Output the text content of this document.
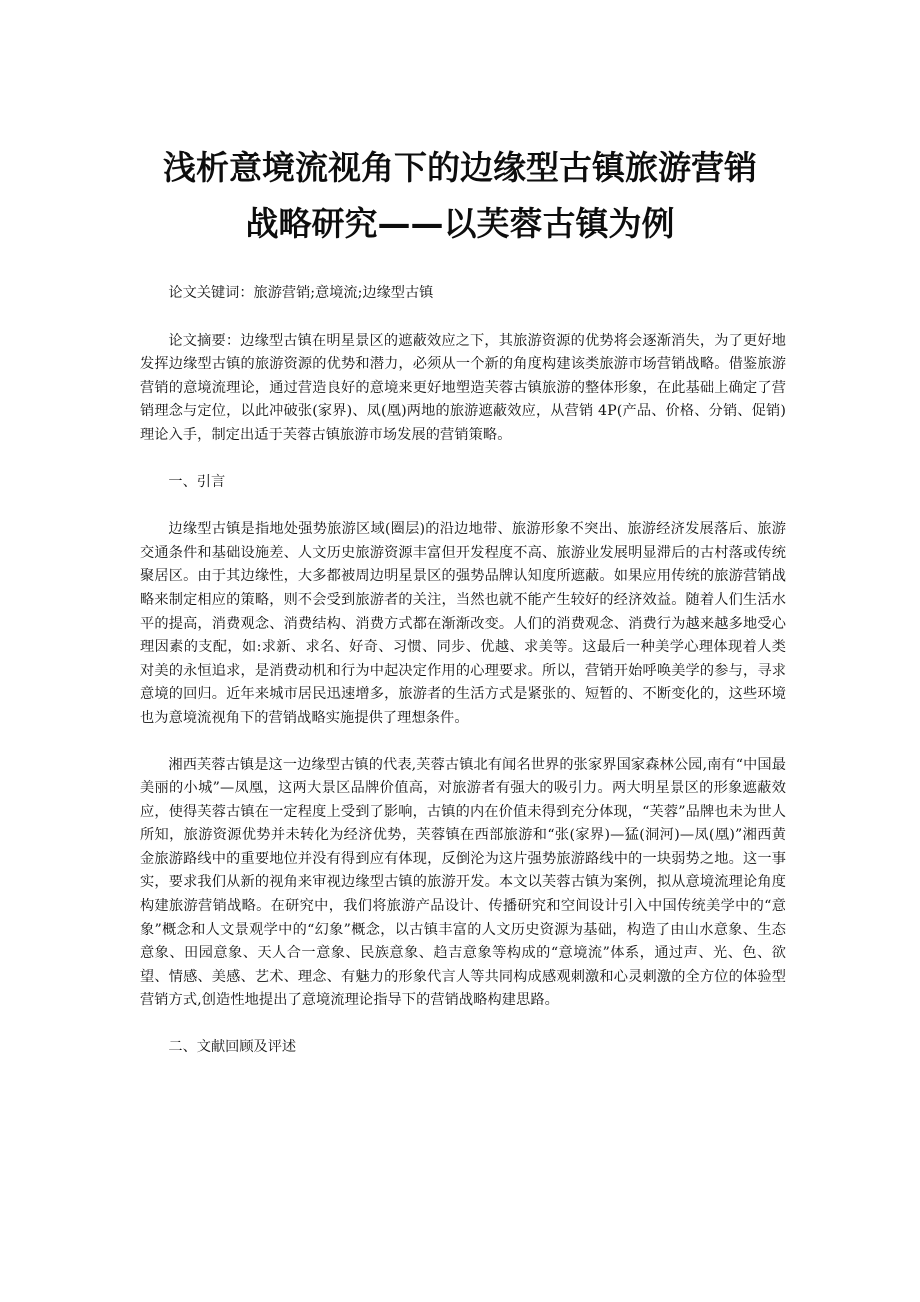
浅析意境流视角下的边缘型古镇旅游营销
战略研究——以芙蓉古镇为例

论文关键词：旅游营销;意境流;边缘型古镇

论文摘要：边缘型古镇在明星景区的遮蔽效应之下，其旅游资源的优势将会逐渐消失，为了更好地发挥边缘型古镇的旅游资源的优势和潜力，必须从一个新的角度构建该类旅游市场营销战略。借鉴旅游营销的意境流理论，通过营造良好的意境来更好地塑造芙蓉古镇旅游的整体形象，在此基础上确定了营销理念与定位，以此冲破张(家界)、凤(凰)两地的旅游遮蔽效应，从营销 4P(产品、价格、分销、促销)理论入手，制定出适于芙蓉古镇旅游市场发展的营销策略。

一、引言

边缘型古镇是指地处强势旅游区域(圈层)的沿边地带、旅游形象不突出、旅游经济发展落后、旅游交通条件和基础设施差、人文历史旅游资源丰富但开发程度不高、旅游业发展明显滞后的古村落或传统聚居区。由于其边缘性，大多都被周边明星景区的强势品牌认知度所遮蔽。如果应用传统的旅游营销战略来制定相应的策略，则不会受到旅游者的关注，当然也就不能产生较好的经济效益。随着人们生活水平的提高，消费观念、消费结构、消费方式都在渐渐改变。人们的消费观念、消费行为越来越多地受心理因素的支配，如:求新、求名、好奇、习惯、同步、优越、求美等。这最后一种美学心理体现着人类对美的永恒追求，是消费动机和行为中起决定作用的心理要求。所以，营销开始呼唤美学的参与，寻求意境的回归。近年来城市居民迅速增多，旅游者的生活方式是紧张的、短暂的、不断变化的，这些环境也为意境流视角下的营销战略实施提供了理想条件。

湘西芙蓉古镇是这一边缘型古镇的代表,芙蓉古镇北有闻名世界的张家界国家森林公园,南有“中国最美丽的小城”—凤凰，这两大景区品牌价值高，对旅游者有强大的吸引力。两大明星景区的形象遮蔽效应，使得芙蓉古镇在一定程度上受到了影响，古镇的内在价值未得到充分体现，“芙蓉”品牌也未为世人所知，旅游资源优势并未转化为经济优势，芙蓉镇在西部旅游和“张(家界)—猛(洞河)—凤(凰)”湘西黄金旅游路线中的重要地位并没有得到应有体现，反倒沦为这片强势旅游路线中的一块弱势之地。这一事实，要求我们从新的视角来审视边缘型古镇的旅游开发。本文以芙蓉古镇为案例，拟从意境流理论角度构建旅游营销战略。在研究中，我们将旅游产品设计、传播研究和空间设计引入中国传统美学中的“意象”概念和人文景观学中的“幻象”概念，以古镇丰富的人文历史资源为基础，构造了由山水意象、生态意象、田园意象、天人合一意象、民族意象、趋吉意象等构成的“意境流”体系，通过声、光、色、欲望、情感、美感、艺术、理念、有魅力的形象代言人等共同构成感观刺激和心灵刺激的全方位的体验型营销方式,创造性地提出了意境流理论指导下的营销战略构建思路。

二、文献回顾及评述
